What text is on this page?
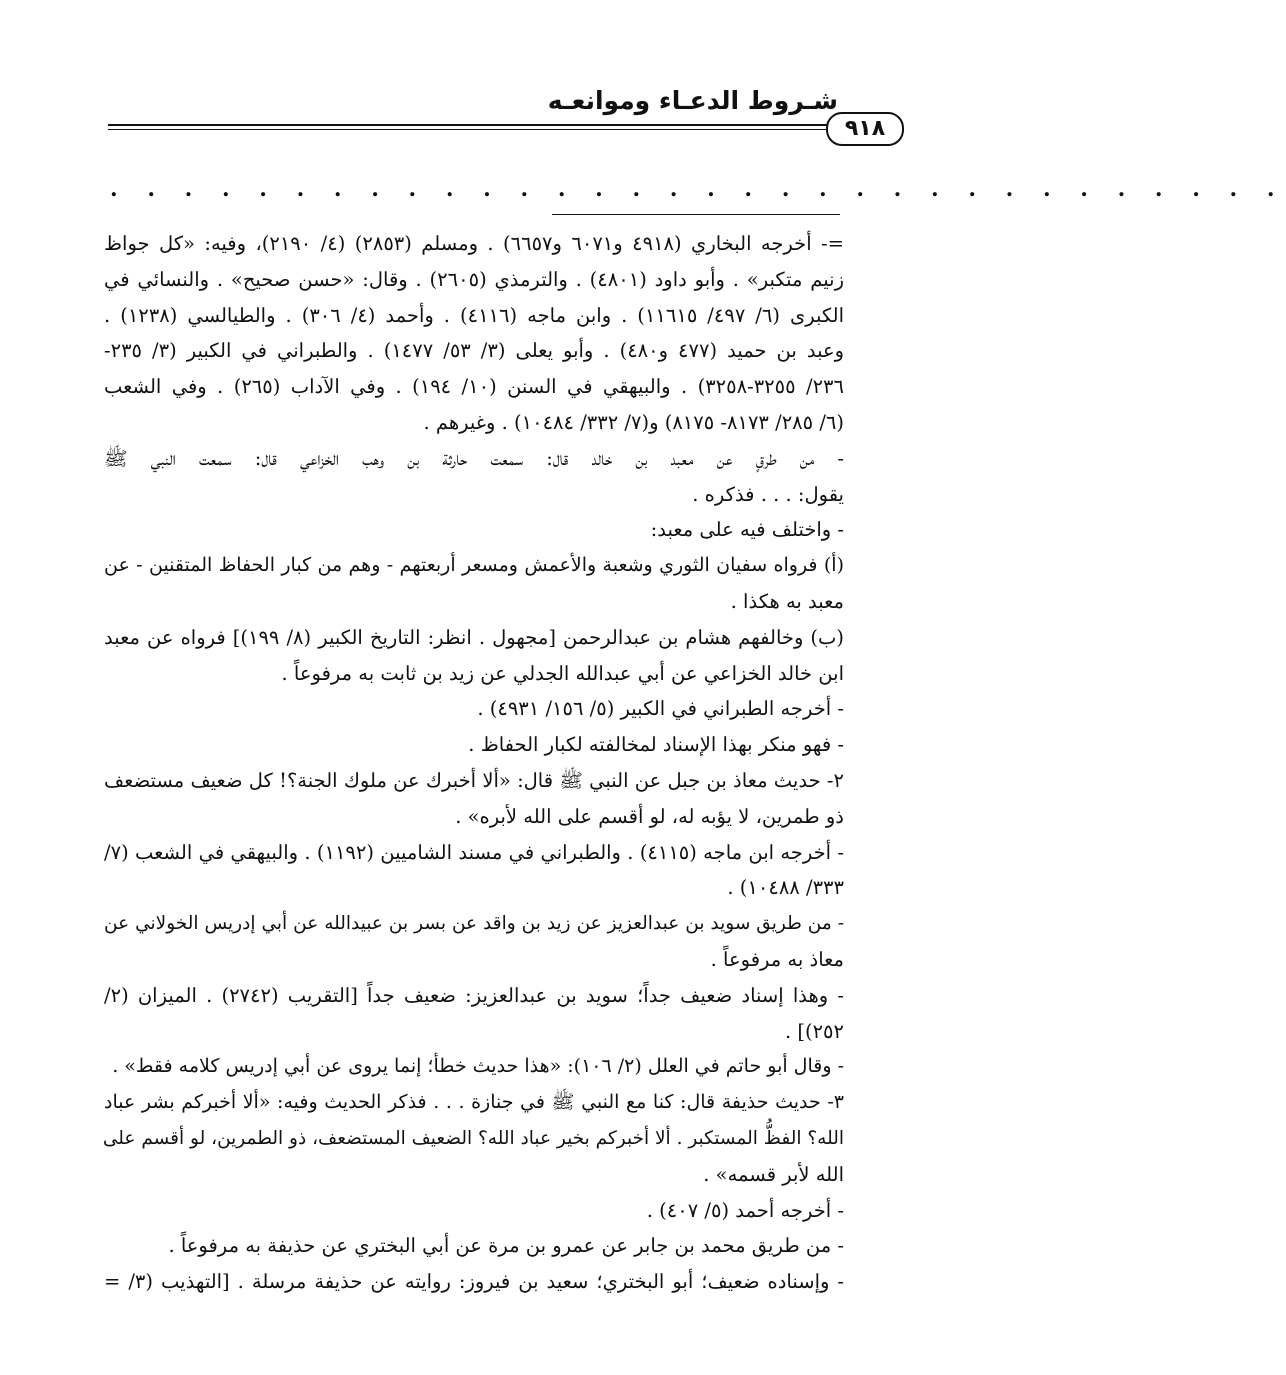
شـروط الدعـاء وموانعـه
٩١٨
. . . . . . . . . . . . . . . . . . . . . . . . . . . . . . . .
=- أخرجه البخاري (٤٩١٨ و٦٠٧١ و٦٦٥٧) . ومسلم (٢٨٥٣) (٤/ ٢١٩٠)، وفيه: «كل جواظ
زنيم متكبر» . وأبو داود (٤٨٠١) . والترمذي (٢٦٠٥) . وقال: «حسن صحيح» . والنسائي في
الكبرى (٦/ ٤٩٧/ ١١٦١٥) . وابن ماجه (٤١١٦) . وأحمد (٤/ ٣٠٦) . والطيالسي (١٢٣٨) .
وعبد بن حميد (٤٧٧ و٤٨٠) . وأبو يعلى (٣/ ٥٣/ ١٤٧٧) . والطبراني في الكبير (٣/ ٢٣٥-
٢٣٦/ ٣٢٥٥-٣٢٥٨) . والبيهقي في السنن (١٠/ ١٩٤) . وفي الآداب (٢٦٥) . وفي الشعب
(٦/ ٢٨٥/ ٨١٧٣- ٨١٧٥) و(٧/ ٣٣٢/ ١٠٤٨٤) . وغيرهم .
- من طرقٍ عن معبد بن خالد قال: سمعت حارثة بن وهب الخزاعي قال: سمعت النبي ﷺ
يقول: . . . فذكره .
- واختلف فيه على معبد:
(أ) فرواه سفيان الثوري وشعبة والأعمش ومسعر أربعتهم - وهم من كبار الحفاظ المتقنين - عن
معبد به هكذا .
(ب) وخالفهم هشام بن عبدالرحمن [مجهول . انظر: التاريخ الكبير (٨/ ١٩٩)] فرواه عن معبد
ابن خالد الخزاعي عن أبي عبدالله الجدلي عن زيد بن ثابت به مرفوعاً .
- أخرجه الطبراني في الكبير (٥/ ١٥٦/ ٤٩٣١) .
- فهو منكر بهذا الإسناد لمخالفته لكبار الحفاظ .
٢- حديث معاذ بن جبل عن النبي ﷺ قال: «ألا أخبرك عن ملوك الجنة؟! كل ضعيف مستضعف
ذو طمرين، لا يؤبه له، لو أقسم على الله لأبره» .
- أخرجه ابن ماجه (٤١١٥) . والطبراني في مسند الشاميين (١١٩٢) . والبيهقي في الشعب (٧/
٣٣٣/ ١٠٤٨٨) .
- من طريق سويد بن عبدالعزيز عن زيد بن واقد عن بسر بن عبيدالله عن أبي إدريس الخولاني عن
معاذ به مرفوعاً .
- وهذا إسناد ضعيف جداً؛ سويد بن عبدالعزيز: ضعيف جداً [التقريب (٢٧٤٢) . الميزان (٢/
٢٥٢)] .
- وقال أبو حاتم في العلل (٢/ ١٠٦): «هذا حديث خطأ؛ إنما يروى عن أبي إدريس كلامه فقط» .
٣- حديث حذيفة قال: كنا مع النبي ﷺ في جنازة . . . فذكر الحديث وفيه: «ألا أخبركم بشر عباد
الله؟ الفظُّ المستكبر . ألا أخبركم بخير عباد الله؟ الضعيف المستضعف، ذو الطمرين، لو أقسم على
الله لأبر قسمه» .
- أخرجه أحمد (٥/ ٤٠٧) .
- من طريق محمد بن جابر عن عمرو بن مرة عن أبي البختري عن حذيفة به مرفوعاً .
- وإسناده ضعيف؛ أبو البختري؛ سعيد بن فيروز: روايته عن حذيفة مرسلة . [التهذيب (٣/ =
